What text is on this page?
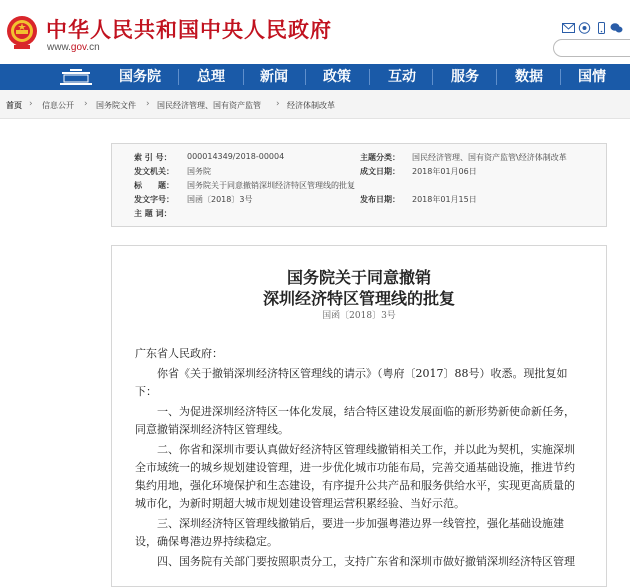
中华人民共和国中央人民政府
www.gov.cn
国务院	总理	新闻	政策	互动	服务	数据	国情
首页 › 信息公开 › 国务院文件 › 国民经济管理、国有资产监管 › 经济体制改革
索 引 号： 000014349/2018-00004
发文机关： 国务院
标　　题： 国务院关于同意撤销深圳经济特区管理线的批复
发文字号： 国函〔2018〕3号
主 题 词：
主题分类： 国民经济管理、国有资产监管\经济体制改革
成文日期： 2018年01月06日
发布日期： 2018年01月15日
国务院关于同意撤销
深圳经济特区管理线的批复
国函〔2018〕3号
广东省人民政府：
你省《关于撤销深圳经济特区管理线的请示》（粤府〔2017〕88号）收悉。现批复如
下：
一、为促进深圳经济特区一体化发展，结合特区建设发展面临的新形势新使命新任务，
同意撤销深圳经济特区管理线。
二、你省和深圳市要认真做好经济特区管理线撤销相关工作，并以此为契机，实施深圳
全市域统一的城乡规划建设管理，进一步优化城市功能布局，完善交通基础设施，推进节约
集约用地，强化环境保护和生态建设，有序提升公共产品和服务供给水平，实现更高质量的
城市化，为新时期超大城市规划建设管理运营积累经验、当好示范。
三、深圳经济特区管理线撤销后，要进一步加强粤港边界一线管控，强化基础设施建
设，确保粤港边界持续稳定。
四、国务院有关部门要按照职责分工，支持广东省和深圳市做好撤销深圳经济特区管理
